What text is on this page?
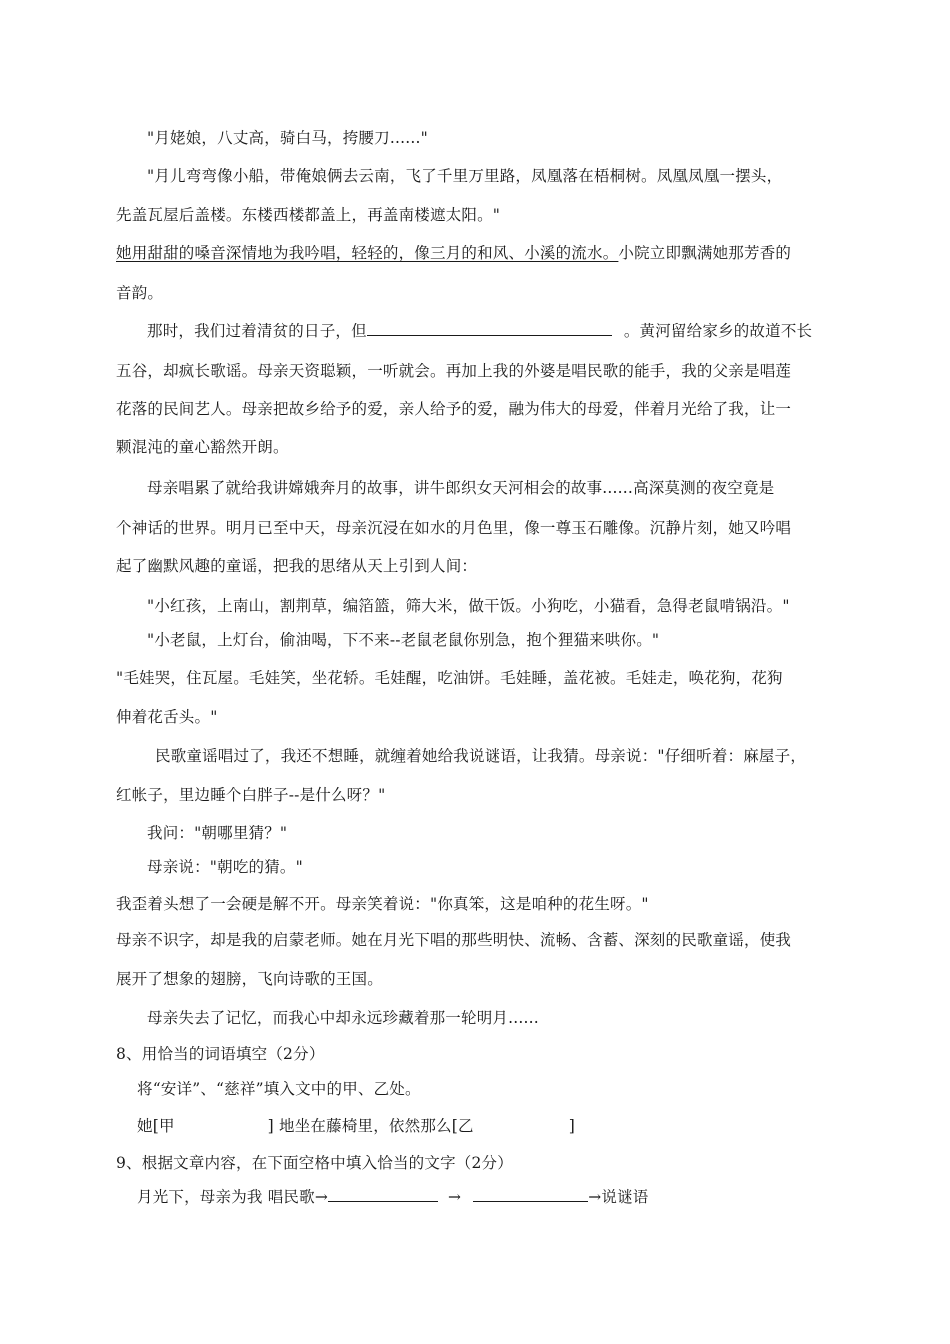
"月姥娘，八丈高，骑白马，挎腰刀......"
"月儿弯弯像小船，带俺娘俩去云南，飞了千里万里路，凤凰落在梧桐树。凤凰凤凰一摆头，
先盖瓦屋后盖楼。东楼西楼都盖上，再盖南楼遮太阳。"
她用甜甜的嗓音深情地为我吟唱，轻轻的，像三月的和风、小溪的流水。小院立即飘满她那芳香的
音韵。
那时，我们过着清贫的日子，但	。黄河留给家乡的故道不长
五谷，却疯长歌谣。母亲天资聪颖，一听就会。再加上我的外婆是唱民歌的能手，我的父亲是唱莲
花落的民间艺人。母亲把故乡给予的爱，亲人给予的爱，融为伟大的母爱，伴着月光给了我，让一
颗混沌的童心豁然开朗。
母亲唱累了就给我讲嫦娥奔月的故事，讲牛郎织女天河相会的故事......高深莫测的夜空竟是
个神话的世界。明月已至中天，母亲沉浸在如水的月色里，像一尊玉石雕像。沉静片刻，她又吟唱
起了幽默风趣的童谣，把我的思绪从天上引到人间：
"小红孩，上南山，割荆草，编箔篮，筛大米，做干饭。小狗吃，小猫看，急得老鼠啃锅沿。"
"小老鼠，上灯台，偷油喝，下不来--老鼠老鼠你别急，抱个狸猫来哄你。"
"毛娃哭，住瓦屋。毛娃笑，坐花轿。毛娃醒，吃油饼。毛娃睡，盖花被。毛娃走，唤花狗，花狗
伸着花舌头。"
民歌童谣唱过了，我还不想睡，就缠着她给我说谜语，让我猜。母亲说："仔细听着：麻屋子，
红帐子，里边睡个白胖子--是什么呀？"
我问："朝哪里猜？"
母亲说："朝吃的猜。"
我歪着头想了一会硬是解不开。母亲笑着说："你真笨，这是咱种的花生呀。"
母亲不识字，却是我的启蒙老师。她在月光下唱的那些明快、流畅、含蓄、深刻的民歌童谣，使我
展开了想象的翅膀，飞向诗歌的王国。
母亲失去了记忆，而我心中却永远珍藏着那一轮明月......
8、用恰当的词语填空（2分）
将“安详”、“慈祥”填入文中的甲、乙处。
她[甲	] 地坐在藤椅里，依然那么[乙	]
9、根据文章内容，在下面空格中填入恰当的文字（2分）
月光下，母亲为我 唱民歌→	→	→说谜语
